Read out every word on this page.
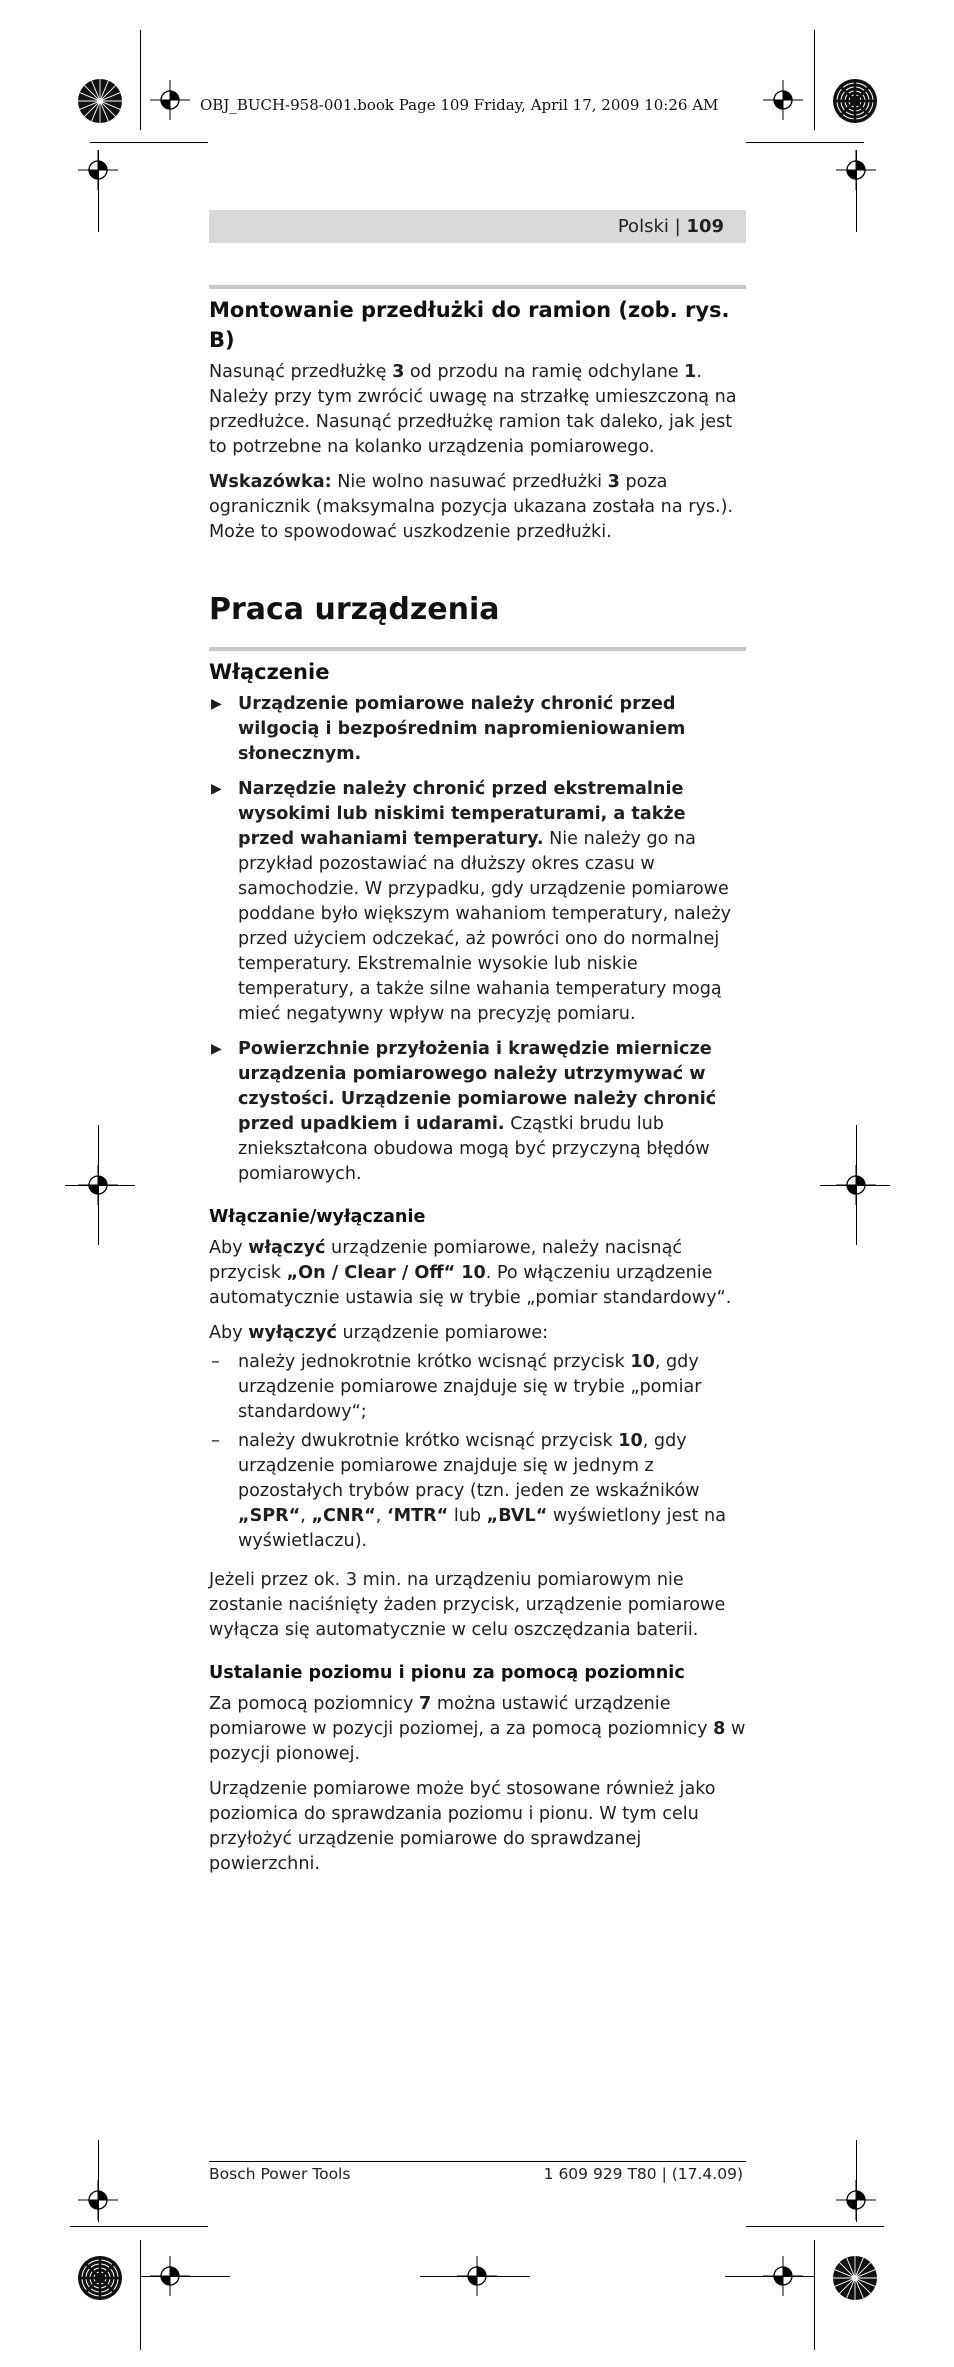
OBJ_BUCH-958-001.book Page 109 Friday, April 17, 2009 10:26 AM
Polski | 109
Montowanie przedłużki do ramion (zob. rys. B)

Nasunąć przedłużkę 3 od przodu na ramię odchylane 1. Należy przy tym zwrócić uwagę na strzałkę umieszczoną na przedłużce. Nasunąć przedłużkę ramion tak daleko, jak jest to potrzebne na kolanko urządzenia pomiarowego.

Wskazówka: Nie wolno nasuwać przedłużki 3 poza ogranicznik (maksymalna pozycja ukazana została na rys.). Może to spowodować uszkodzenie przedłużki.

Praca urządzenia
Włączenie
▶ Urządzenie pomiarowe należy chronić przed wilgocią i bezpośrednim napromieniowaniem słonecznym.
▶ Narzędzie należy chronić przed ekstremalnie wysokimi lub niskimi temperaturami, a także przed wahaniami temperatury. Nie należy go na przykład pozostawiać na dłuższy okres czasu w samochodzie. W przypadku, gdy urządzenie pomiarowe poddane było większym wahaniom temperatury, należy przed użyciem odczekać, aż powróci ono do normalnej temperatury. Ekstremalnie wysokie lub niskie temperatury, a także silne wahania temperatury mogą mieć negatywny wpływ na precyzję pomiaru.
▶ Powierzchnie przyłożenia i krawędzie miernicze urządzenia pomiarowego należy utrzymywać w czystości. Urządzenie pomiarowe należy chronić przed upadkiem i udarami. Cząstki brudu lub zniekształcona obudowa mogą być przyczyną błędów pomiarowych.
Włączanie/wyłączanie

Aby włączyć urządzenie pomiarowe, należy nacisnąć przycisk „On / Clear / Off“ 10. Po włączeniu urządzenie automatycznie ustawia się w trybie „pomiar standardowy“.

Aby wyłączyć urządzenie pomiarowe:

– należy jednokrotnie krótko wcisnąć przycisk 10, gdy urządzenie pomiarowe znajduje się w trybie „pomiar standardowy“;
– należy dwukrotnie krótko wcisnąć przycisk 10, gdy urządzenie pomiarowe znajduje się w jednym z pozostałych trybów pracy (tzn. jeden ze wskaźników „SPR“, „CNR“, ‘MTR“ lub „BVL“ wyświetlony jest na wyświetlaczu).

Jeżeli przez ok. 3 min. na urządzeniu pomiarowym nie zostanie naciśnięty żaden przycisk, urządzenie pomiarowe wyłącza się automatycznie w celu oszczędzania baterii.

Ustalanie poziomu i pionu za pomocą poziomnic

Za pomocą poziomnicy 7 można ustawić urządzenie pomiarowe w pozycji poziomej, a za pomocą poziomnicy 8 w pozycji pionowej.

Urządzenie pomiarowe może być stosowane również jako poziomica do sprawdzania poziomu i pionu. W tym celu przyłożyć urządzenie pomiarowe do sprawdzanej powierzchni.

Bosch Power Tools	1 609 929 T80 | (17.4.09)
